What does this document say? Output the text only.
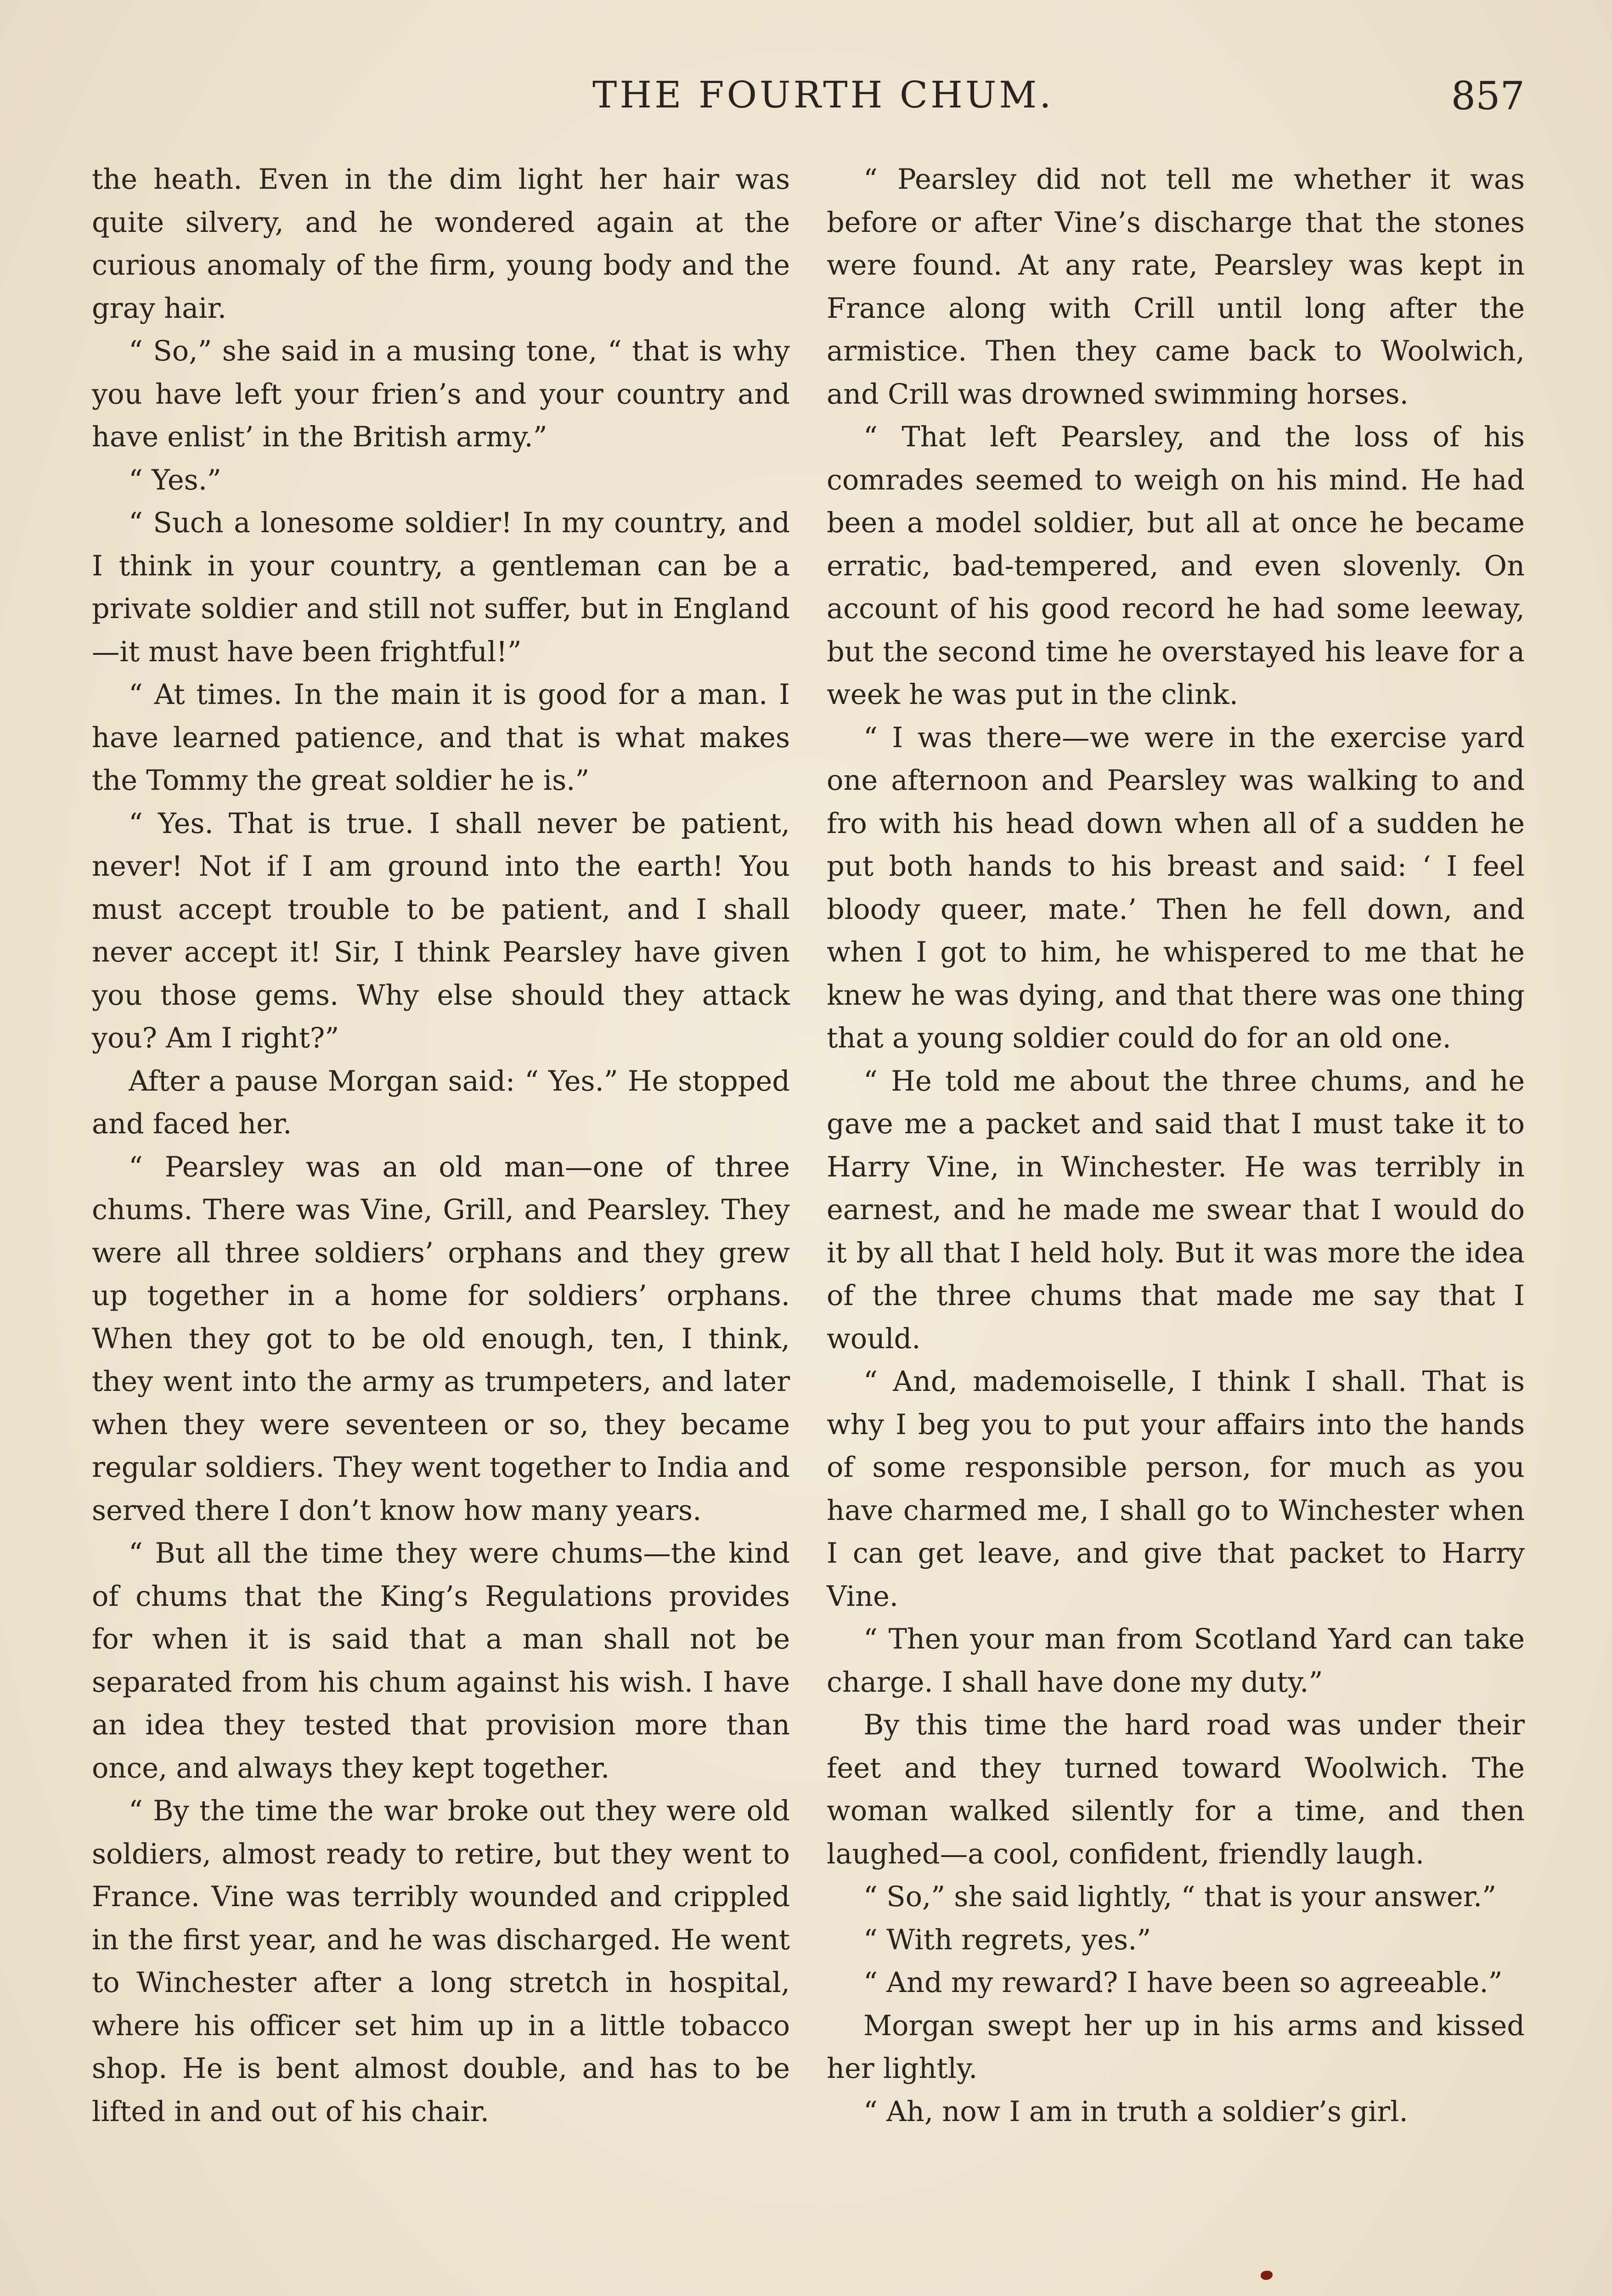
THE FOURTH CHUM.	857

the heath. Even in the dim light her hair was quite silvery, and he wondered again at the curious anomaly of the firm, young body and the gray hair.

“ So,” she said in a musing tone, “ that is why you have left your frien’s and your country and have enlist’ in the British army.”

“ Yes.”

“ Such a lonesome soldier! In my country, and I think in your country, a gentleman can be a private soldier and still not suffer, but in England—it must have been frightful!”

“ At times. In the main it is good for a man. I have learned patience, and that is what makes the Tommy the great soldier he is.”

“ Yes. That is true. I shall never be patient, never! Not if I am ground into the earth! You must accept trouble to be patient, and I shall never accept it! Sir, I think Pearsley have given you those gems. Why else should they attack you? Am I right?”

After a pause Morgan said: “ Yes.” He stopped and faced her.

“ Pearsley was an old man—one of three chums. There was Vine, Grill, and Pearsley. They were all three soldiers’ orphans and they grew up together in a home for soldiers’ orphans. When they got to be old enough, ten, I think, they went into the army as trumpeters, and later when they were seventeen or so, they became regular soldiers. They went together to India and served there I don’t know how many years.

“ But all the time they were chums—the kind of chums that the King’s Regulations provides for when it is said that a man shall not be separated from his chum against his wish. I have an idea they tested that provision more than once, and always they kept together.

“ By the time the war broke out they were old soldiers, almost ready to retire, but they went to France. Vine was terribly wounded and crippled in the first year, and he was discharged. He went to Winchester after a long stretch in hospital, where his officer set him up in a little tobacco shop. He is bent almost double, and has to be lifted in and out of his chair.

“ Pearsley did not tell me whether it was before or after Vine’s discharge that the stones were found. At any rate, Pearsley was kept in France along with Crill until long after the armistice. Then they came back to Woolwich, and Crill was drowned swimming horses.

“ That left Pearsley, and the loss of his comrades seemed to weigh on his mind. He had been a model soldier, but all at once he became erratic, bad-tempered, and even slovenly. On account of his good record he had some leeway, but the second time he overstayed his leave for a week he was put in the clink.

“ I was there—we were in the exercise yard one afternoon and Pearsley was walking to and fro with his head down when all of a sudden he put both hands to his breast and said: ‘ I feel bloody queer, mate.’ Then he fell down, and when I got to him, he whispered to me that he knew he was dying, and that there was one thing that a young soldier could do for an old one.

“ He told me about the three chums, and he gave me a packet and said that I must take it to Harry Vine, in Winchester. He was terribly in earnest, and he made me swear that I would do it by all that I held holy. But it was more the idea of the three chums that made me say that I would.

“ And, mademoiselle, I think I shall. That is why I beg you to put your affairs into the hands of some responsible person, for much as you have charmed me, I shall go to Winchester when I can get leave, and give that packet to Harry Vine.

“ Then your man from Scotland Yard can take charge. I shall have done my duty.”

By this time the hard road was under their feet and they turned toward Woolwich. The woman walked silently for a time, and then laughed—a cool, confident, friendly laugh.

“ So,” she said lightly, “ that is your answer.”

“ With regrets, yes.”

“ And my reward? I have been so agreeable.”

Morgan swept her up in his arms and kissed her lightly.

“ Ah, now I am in truth a soldier’s girl.
